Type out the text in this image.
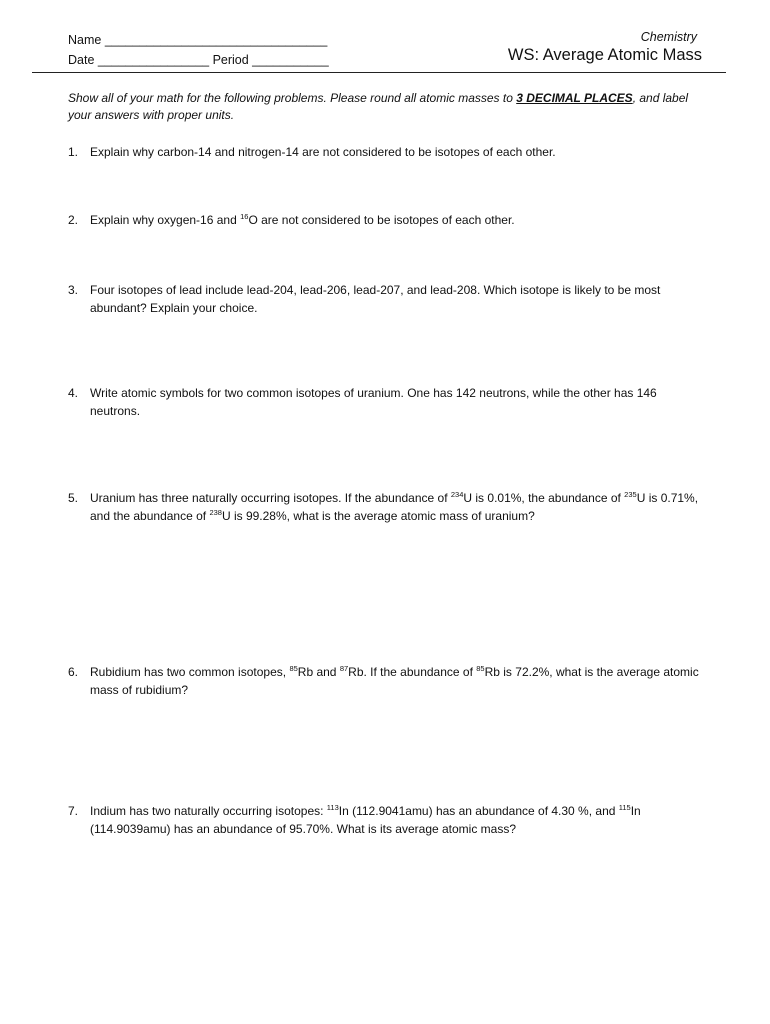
Name ________________________________
Date ________________ Period ___________
Chemistry
WS: Average Atomic Mass
Show all of your math for the following problems. Please round all atomic masses to 3 DECIMAL PLACES, and label your answers with proper units.
1. Explain why carbon-14 and nitrogen-14 are not considered to be isotopes of each other.
2. Explain why oxygen-16 and $^{16}$O are not considered to be isotopes of each other.
3. Four isotopes of lead include lead-204, lead-206, lead-207, and lead-208. Which isotope is likely to be most abundant? Explain your choice.
4. Write atomic symbols for two common isotopes of uranium. One has 142 neutrons, while the other has 146 neutrons.
5. Uranium has three naturally occurring isotopes. If the abundance of $^{234}$U is 0.01%, the abundance of $^{235}$U is 0.71%, and the abundance of $^{238}$U is 99.28%, what is the average atomic mass of uranium?
6. Rubidium has two common isotopes, $^{85}$Rb and $^{87}$Rb. If the abundance of $^{85}$Rb is 72.2%, what is the average atomic mass of rubidium?
7. Indium has two naturally occurring isotopes: $^{113}$In (112.9041amu) has an abundance of 4.30 %, and $^{115}$In (114.9039amu) has an abundance of 95.70%. What is its average atomic mass?
